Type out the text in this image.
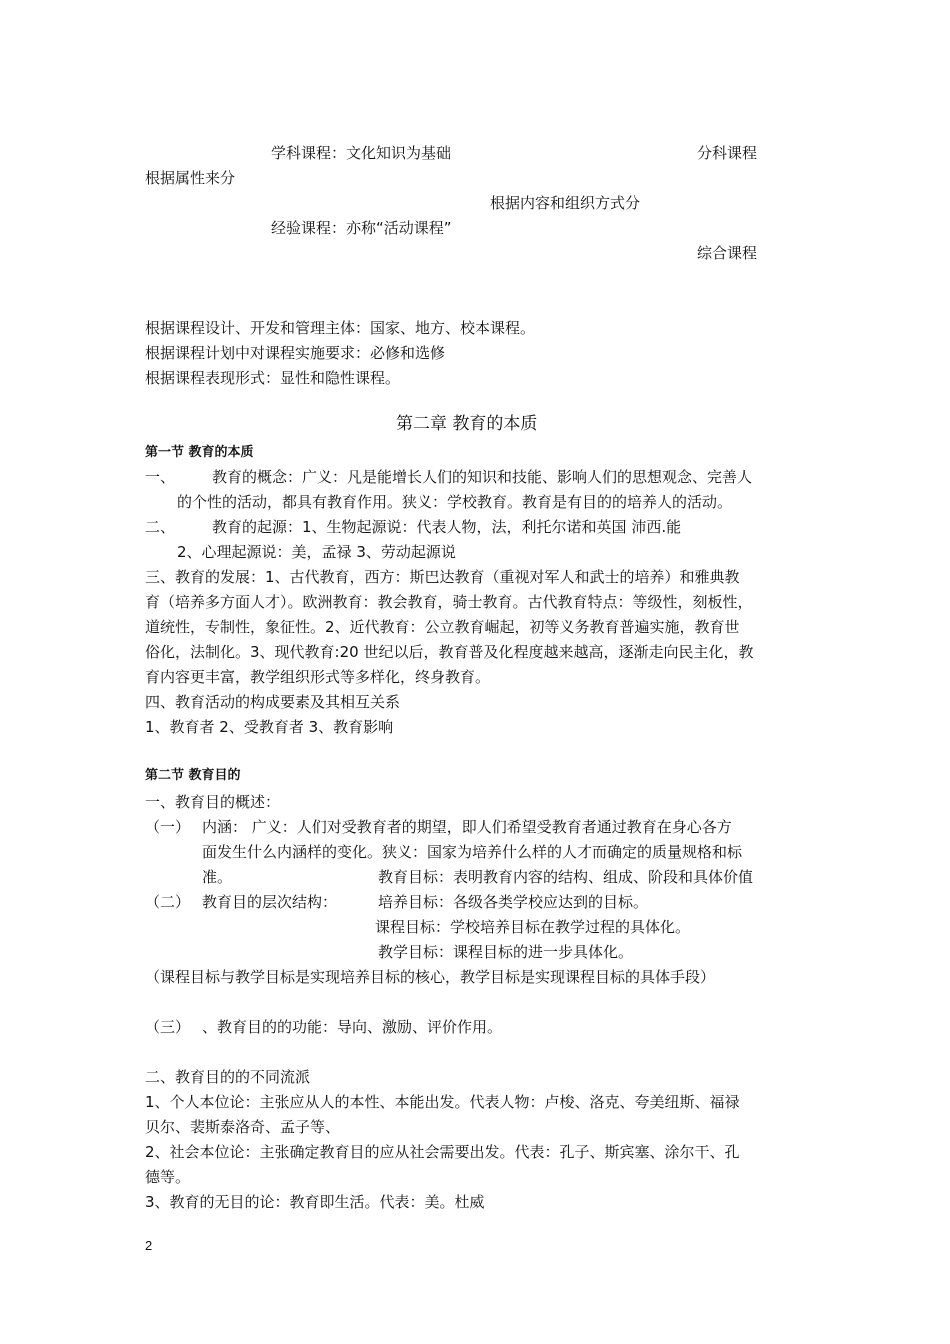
学科课程：文化知识为基础	分科课程
根据属性来分
根据内容和组织方式分
经验课程：亦称“活动课程”
综合课程
根据课程设计、开发和管理主体：国家、地方、校本课程。
根据课程计划中对课程实施要求：必修和选修
根据课程表现形式：显性和隐性课程。
第二章 教育的本质
第一节 教育的本质
一、 教育的概念：广义：凡是能增长人们的知识和技能、影响人们的思想观念、完善人
的个性的活动，都具有教育作用。狭义：学校教育。教育是有目的的培养人的活动。
二、 教育的起源：1、生物起源说：代表人物，法，利托尔诺和英国 沛西.能
2、心理起源说：美，孟禄 3、劳动起源说
三、教育的发展：1、古代教育，西方：斯巴达教育（重视对军人和武士的培养）和雅典教
育（培养多方面人才）。欧洲教育：教会教育，骑士教育。古代教育特点：等级性，刻板性，
道统性，专制性，象征性。2、近代教育：公立教育崛起，初等义务教育普遍实施，教育世
俗化，法制化。3、现代教育:20 世纪以后，教育普及化程度越来越高，逐渐走向民主化，教
育内容更丰富，教学组织形式等多样化，终身教育。
四、教育活动的构成要素及其相互关系
1、教育者 2、受教育者 3、教育影响
第二节 教育目的
一、教育目的概述：
（一） 内涵： 广义：人们对受教育者的期望，即人们希望受教育者通过教育在身心各方
面发生什么内涵样的变化。狭义：国家为培养什么样的人才而确定的质量规格和标
准。	教育目标：表明教育内容的结构、组成、阶段和具体价值
（二） 教育目的层次结构：	培养目标：各级各类学校应达到的目标。
课程目标：学校培养目标在教学过程的具体化。
教学目标：课程目标的进一步具体化。
（课程目标与教学目标是实现培养目标的核心，教学目标是实现课程目标的具体手段）
（三） 、教育目的的功能：导向、激励、评价作用。
二、教育目的的不同流派
1、个人本位论：主张应从人的本性、本能出发。代表人物：卢梭、洛克、夸美纽斯、福禄
贝尔、裴斯泰洛奇、孟子等、
2、社会本位论：主张确定教育目的应从社会需要出发。代表：孔子、斯宾塞、涂尔干、孔
德等。
3、教育的无目的论：教育即生活。代表：美。杜威
2
